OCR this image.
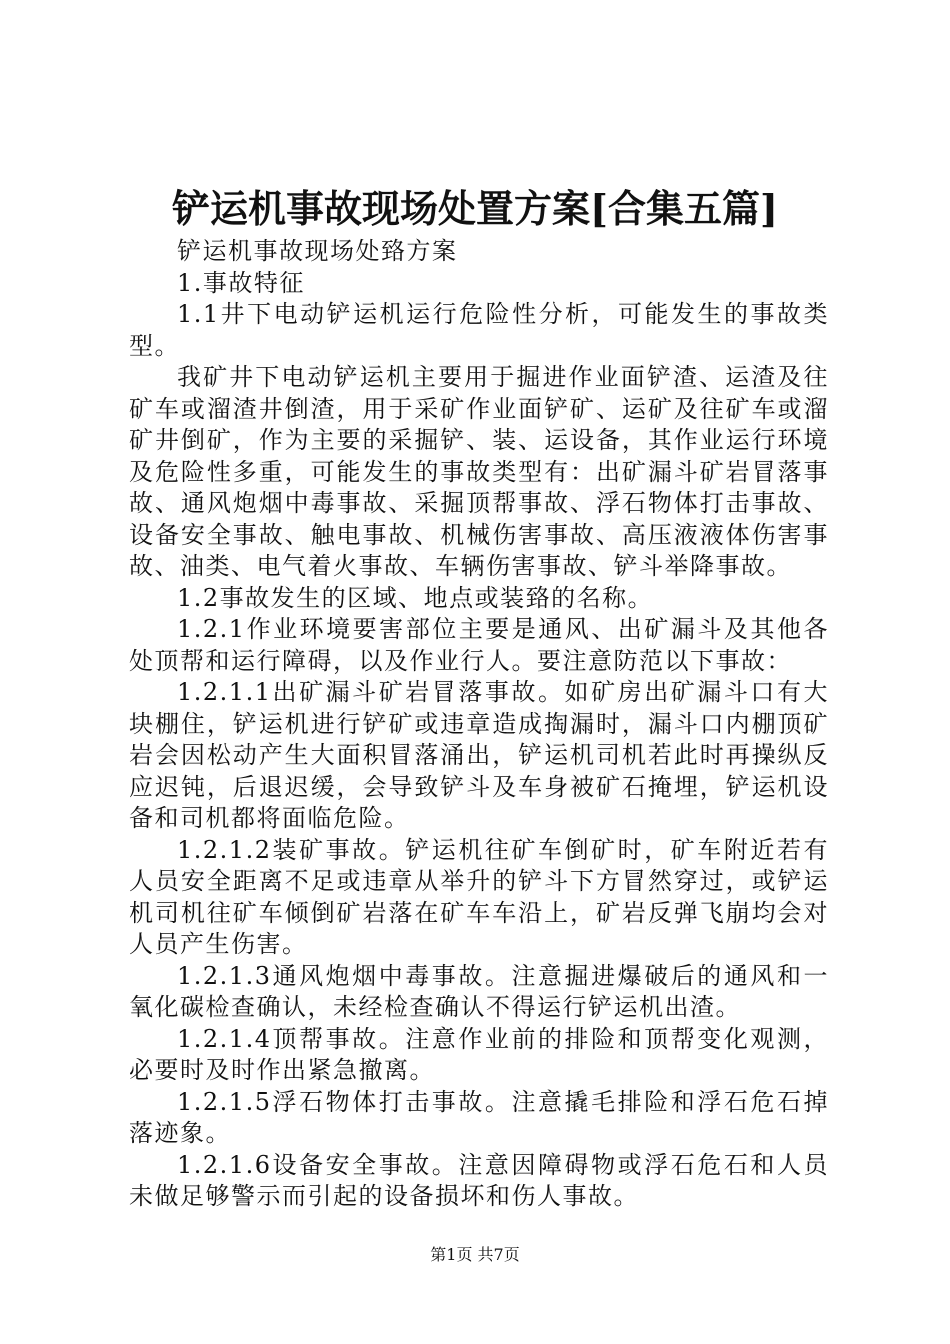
铲运机事故现场处置方案[合集五篇]

铲运机事故现场处臵方案

1.事故特征

1.1井下电动铲运机运行危险性分析，可能发生的事故类型。

我矿井下电动铲运机主要用于掘进作业面铲渣、运渣及往矿车或溜渣井倒渣，用于采矿作业面铲矿、运矿及往矿车或溜矿井倒矿，作为主要的采掘铲、装、运设备，其作业运行环境及危险性多重，可能发生的事故类型有：出矿漏斗矿岩冒落事故、通风炮烟中毒事故、采掘顶帮事故、浮石物体打击事故、设备安全事故、触电事故、机械伤害事故、高压液液体伤害事故、油类、电气着火事故、车辆伤害事故、铲斗举降事故。

1.2事故发生的区域、地点或装臵的名称。

1.2.1作业环境要害部位主要是通风、出矿漏斗及其他各处顶帮和运行障碍，以及作业行人。要注意防范以下事故：

1.2.1.1出矿漏斗矿岩冒落事故。如矿房出矿漏斗口有大块棚住，铲运机进行铲矿或违章造成掏漏时，漏斗口内棚顶矿岩会因松动产生大面积冒落涌出，铲运机司机若此时再操纵反应迟钝，后退迟缓，会导致铲斗及车身被矿石掩埋，铲运机设备和司机都将面临危险。

1.2.1.2装矿事故。铲运机往矿车倒矿时，矿车附近若有人员安全距离不足或违章从举升的铲斗下方冒然穿过，或铲运机司机往矿车倾倒矿岩落在矿车车沿上，矿岩反弹飞崩均会对人员产生伤害。

1.2.1.3通风炮烟中毒事故。注意掘进爆破后的通风和一氧化碳检查确认，未经检查确认不得运行铲运机出渣。

1.2.1.4顶帮事故。注意作业前的排险和顶帮变化观测，必要时及时作出紧急撤离。

1.2.1.5浮石物体打击事故。注意撬毛排险和浮石危石掉落迹象。

1.2.1.6设备安全事故。注意因障碍物或浮石危石和人员未做足够警示而引起的设备损坏和伤人事故。

第1页 共7页
